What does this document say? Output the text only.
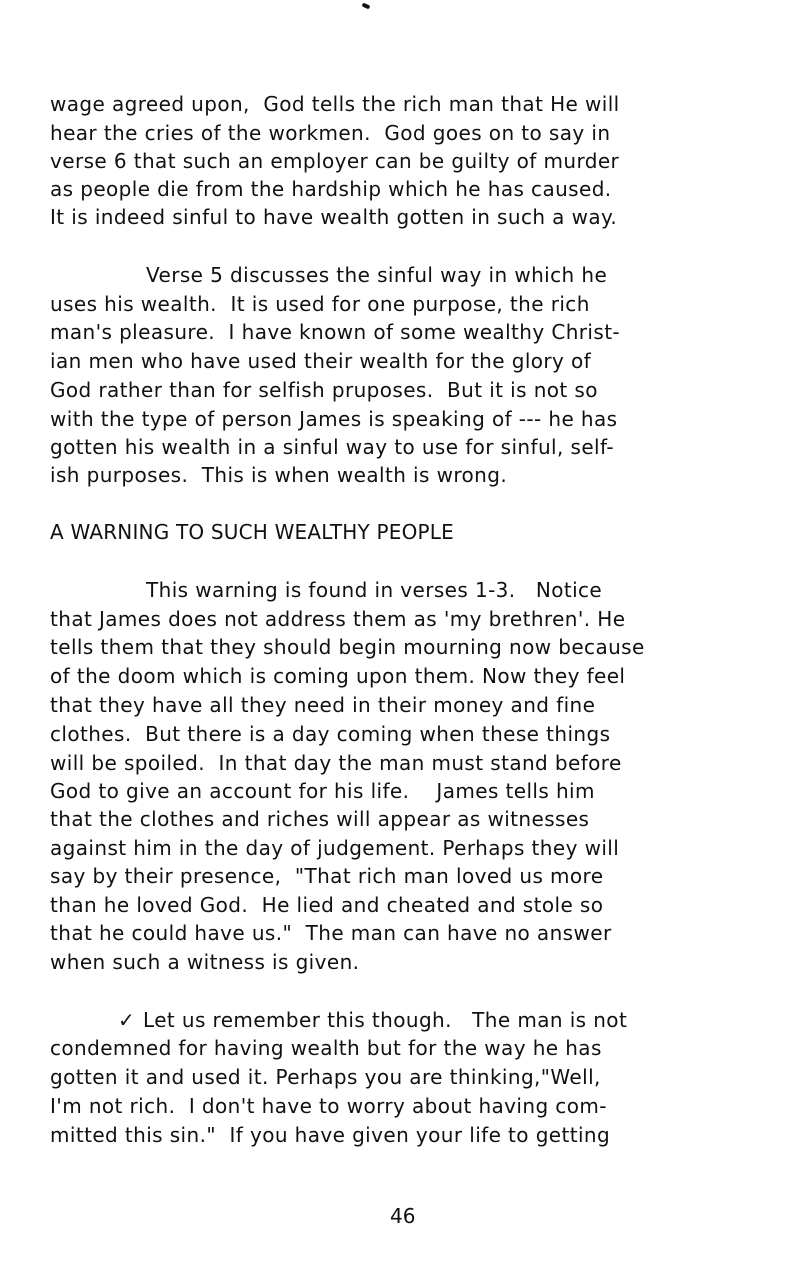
wage agreed upon,  God tells the rich man that He will
hear the cries of the workmen.  God goes on to say in
verse 6 that such an employer can be guilty of murder
as people die from the hardship which he has caused.
It is indeed sinful to have wealth gotten in such a way.
Verse 5 discusses the sinful way in which he
uses his wealth.  It is used for one purpose, the rich
man's pleasure.  I have known of some wealthy Christ-
ian men who have used their wealth for the glory of
God rather than for selfish pruposes.  But it is not so
with the type of person James is speaking of --- he has
gotten his wealth in a sinful way to use for sinful, self-
ish purposes.  This is when wealth is wrong.
A WARNING TO SUCH WEALTHY PEOPLE
This warning is found in verses 1-3.   Notice
that James does not address them as 'my brethren'. He
tells them that they should begin mourning now because
of the doom which is coming upon them. Now they feel
that they have all they need in their money and fine
clothes.  But there is a day coming when these things
will be spoiled.  In that day the man must stand before
God to give an account for his life.    James tells him
that the clothes and riches will appear as witnesses
against him in the day of judgement. Perhaps they will
say by their presence,  "That rich man loved us more
than he loved God.  He lied and cheated and stole so
that he could have us."  The man can have no answer
when such a witness is given.
✓ Let us remember this though.   The man is not
condemned for having wealth but for the way he has
gotten it and used it. Perhaps you are thinking,"Well,
I'm not rich.  I don't have to worry about having com-
mitted this sin."  If you have given your life to getting
46
